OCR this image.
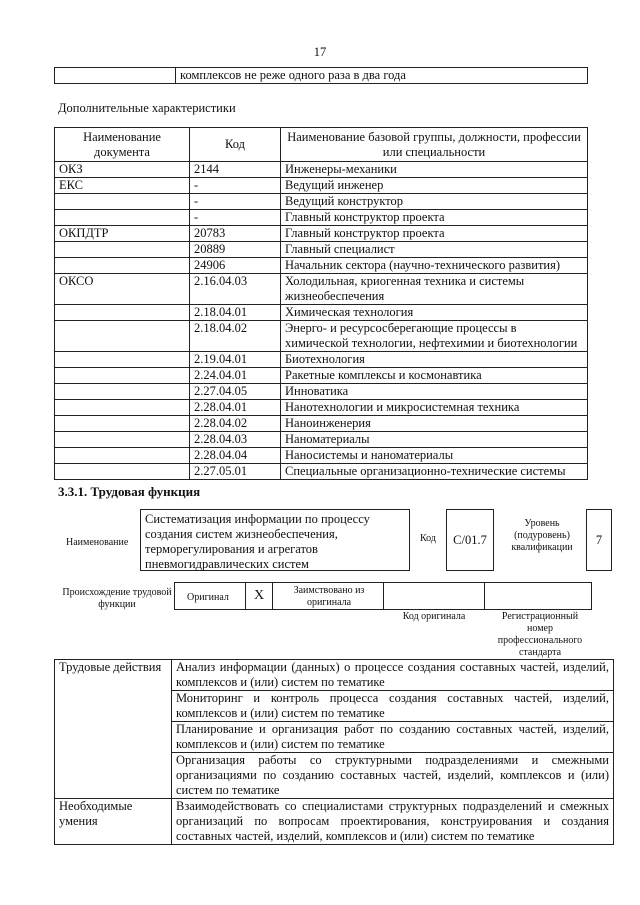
17
	комплексов не реже одного раза в два года
Дополнительные характеристики
Наименование документа	Код	Наименование базовой группы, должности, профессии или специальности
ОКЗ	2144	Инженеры-механики
ЕКС	-	Ведущий инженер
	-	Ведущий конструктор
	-	Главный конструктор проекта
ОКПДТР	20783	Главный конструктор проекта
	20889	Главный специалист
	24906	Начальник сектора (научно-технического развития)
ОКСО	2.16.04.03	Холодильная, криогенная техника и системы жизнеобеспечения
	2.18.04.01	Химическая технология
	2.18.04.02	Энерго- и ресурсосберегающие процессы в химической технологии, нефтехимии и биотехнологии
	2.19.04.01	Биотехнология
	2.24.04.01	Ракетные комплексы и космонавтика
	2.27.04.05	Инноватика
	2.28.04.01	Нанотехнологии и микросистемная техника
	2.28.04.02	Наноинженерия
	2.28.04.03	Наноматериалы
	2.28.04.04	Наносистемы и наноматериалы
	2.27.05.01	Специальные организационно-технические системы
3.3.1. Трудовая функция
Наименование
Систематизация информации по процессу создания систем жизнеобеспечения, терморегулирования и агрегатов пневмогидравлических систем
Код C/01.7
Уровень (подуровень) квалификации
7
Происхождение трудовой функции
Оригинал	X	Заимствовано из оригинала
Код оригинала	Регистрационный номер профессионального стандарта
Трудовые действия	Анализ информации (данных) о процессе создания составных частей, изделий, комплексов и (или) систем по тематике
	Мониторинг и контроль процесса создания составных частей, изделий, комплексов и (или) систем по тематике
	Планирование и организация работ по созданию составных частей, изделий, комплексов и (или) систем по тематике
	Организация работы со структурными подразделениями и смежными организациями по созданию составных частей, изделий, комплексов и (или) систем по тематике
Необходимые умения	Взаимодействовать со специалистами структурных подразделений и смежных организаций по вопросам проектирования, конструирования и создания составных частей, изделий, комплексов и (или) систем по тематике
